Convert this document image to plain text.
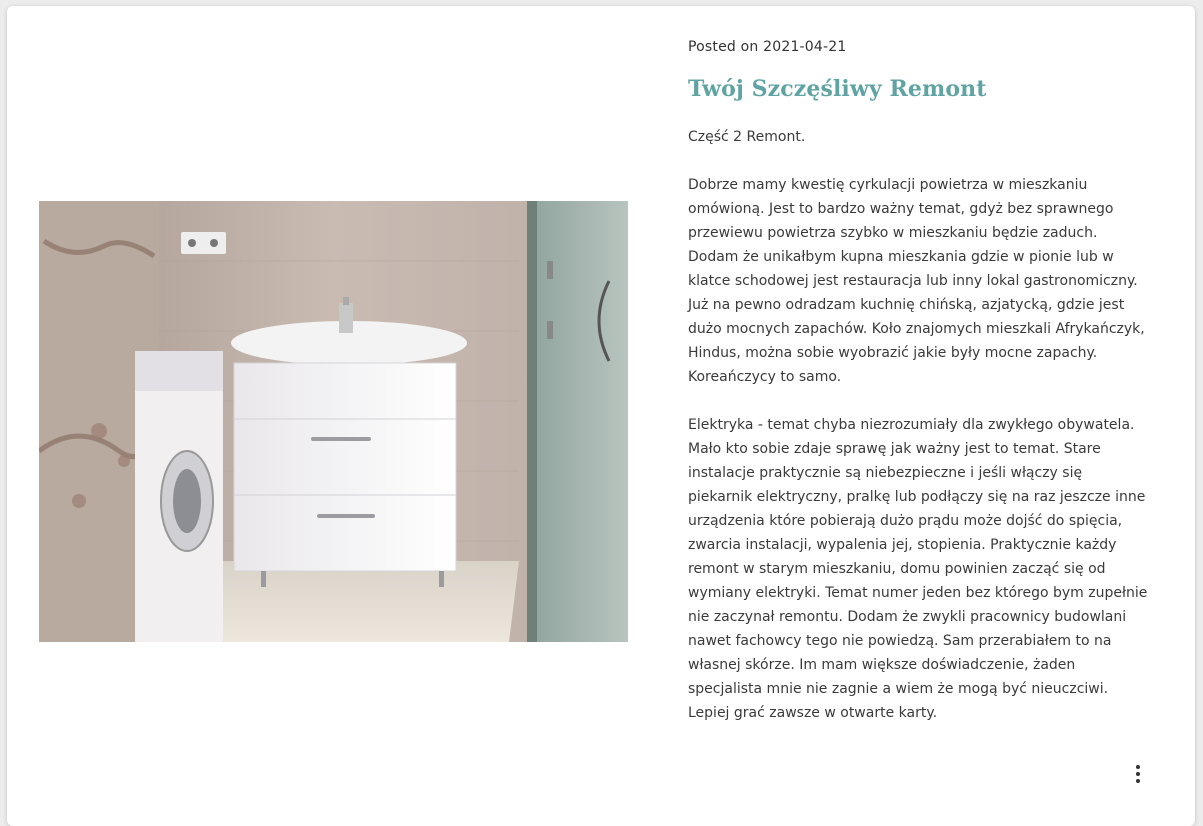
Posted on 2021-04-21
Twój Szczęśliwy Remont

Część 2 Remont.

Dobrze mamy kwestię cyrkulacji powietrza w mieszkaniu
omówioną. Jest to bardzo ważny temat, gdyż bez sprawnego
przewiewu powietrza szybko w mieszkaniu będzie zaduch.
Dodam że unikałbym kupna mieszkania gdzie w pionie lub w
klatce schodowej jest restauracja lub inny lokal gastronomiczny.
Już na pewno odradzam kuchnię chińską, azjatycką, gdzie jest
dużo mocnych zapachów. Koło znajomych mieszkali Afrykańczyk,
Hindus, można sobie wyobrazić jakie były mocne zapachy.
Koreańczycy to samo.

Elektryka - temat chyba niezrozumiały dla zwykłego obywatela.
Mało kto sobie zdaje sprawę jak ważny jest to temat. Stare
instalacje praktycznie są niebezpieczne i jeśli włączy się
piekarnik elektryczny, pralkę lub podłączy się na raz jeszcze inne
urządzenia które pobierają dużo prądu może dojść do spięcia,
zwarcia instalacji, wypalenia jej, stopienia. Praktycznie każdy
remont w starym mieszkaniu, domu powinien zacząć się od
wymiany elektryki. Temat numer jeden bez którego bym zupełnie
nie zaczynał remontu. Dodam że zwykli pracownicy budowlani
nawet fachowcy tego nie powiedzą. Sam przerabiałem to na
własnej skórze. Im mam większe doświadczenie, żaden
specjalista mnie nie zagnie a wiem że mogą być nieuczciwi.
Lepiej grać zawsze w otwarte karty.
